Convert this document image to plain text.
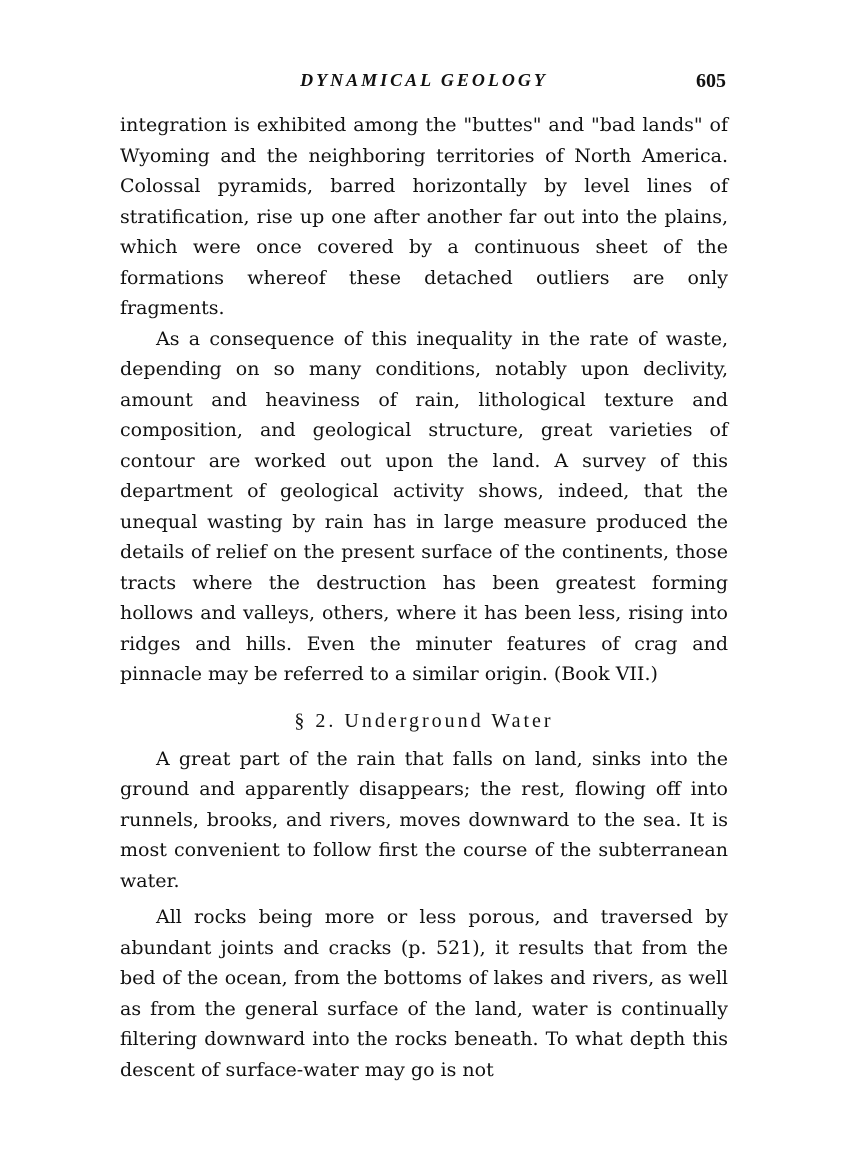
DYNAMICAL GEOLOGY	605

integration is exhibited among the "buttes" and "bad lands" of Wyoming and the neighboring territories of North America. Colossal pyramids, barred horizontally by level lines of stratification, rise up one after another far out into the plains, which were once covered by a continuous sheet of the formations whereof these detached outliers are only fragments.

As a consequence of this inequality in the rate of waste, depending on so many conditions, notably upon declivity, amount and heaviness of rain, lithological texture and composition, and geological structure, great varieties of contour are worked out upon the land. A survey of this department of geological activity shows, indeed, that the unequal wasting by rain has in large measure produced the details of relief on the present surface of the continents, those tracts where the destruction has been greatest forming hollows and valleys, others, where it has been less, rising into ridges and hills. Even the minuter features of crag and pinnacle may be referred to a similar origin. (Book VII.)

§ 2. Underground Water

A great part of the rain that falls on land, sinks into the ground and apparently disappears; the rest, flowing off into runnels, brooks, and rivers, moves downward to the sea. It is most convenient to follow first the course of the subterranean water.

All rocks being more or less porous, and traversed by abundant joints and cracks (p. 521), it results that from the bed of the ocean, from the bottoms of lakes and rivers, as well as from the general surface of the land, water is continually filtering downward into the rocks beneath. To what depth this descent of surface-water may go is not
